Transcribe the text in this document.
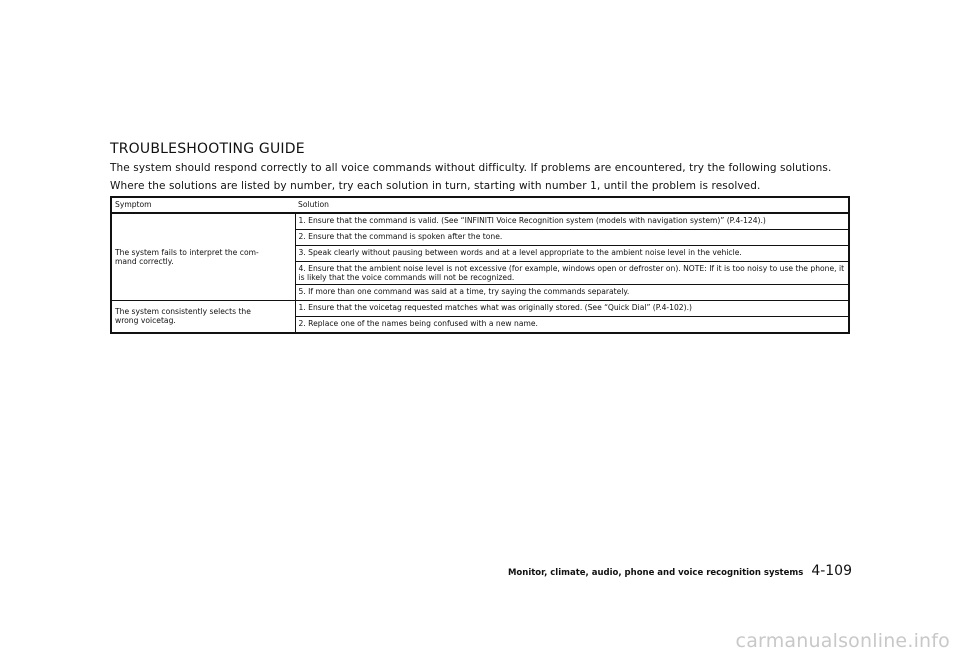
TROUBLESHOOTING GUIDE

The system should respond correctly to all voice commands without difficulty. If problems are encountered, try the following solutions.

Where the solutions are listed by number, try each solution in turn, starting with number 1, until the problem is resolved.

Symptom	Solution
The system fails to interpret the com-
mand correctly.	1. Ensure that the command is valid. (See “INFINITI Voice Recognition system (models with navigation system)” (P.4-124).)
	2. Ensure that the command is spoken after the tone.
	3. Speak clearly without pausing between words and at a level appropriate to the ambient noise level in the vehicle.
	4. Ensure that the ambient noise level is not excessive (for example, windows open or defroster on). NOTE: If it is too noisy to use the phone, it is likely that the voice commands will not be recognized.
	5. If more than one command was said at a time, try saying the commands separately.
The system consistently selects the
wrong voicetag.	1. Ensure that the voicetag requested matches what was originally stored. (See “Quick Dial” (P.4-102).)
	2. Replace one of the names being confused with a new name.
Monitor, climate, audio, phone and voice recognition systems 4-109
carmanualsonline.info
